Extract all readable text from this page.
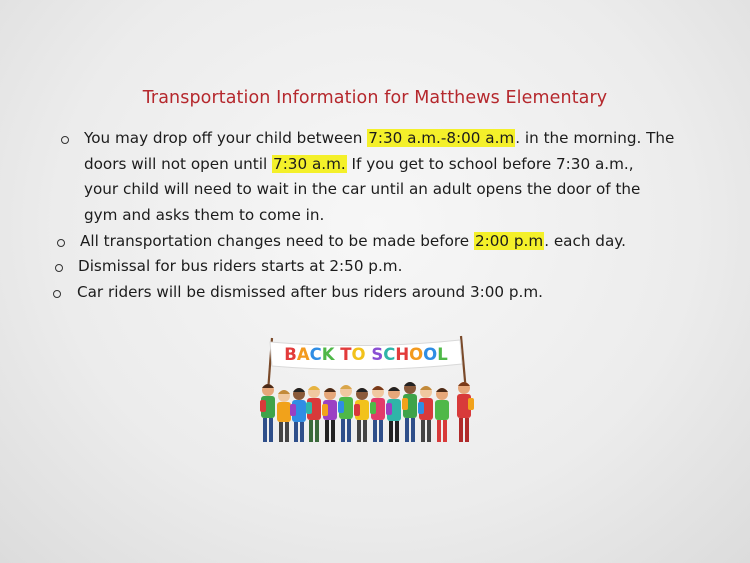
Transportation Information for Matthews Elementary
You may drop off your child between 7:30 a.m.-8:00 a.m. in the morning. The
doors will not open until 7:30 a.m. If you get to school before 7:30 a.m.,
your child will need to wait in the car until an adult opens the door of the
gym and asks them to come in.
All transportation changes need to be made before 2:00 p.m. each day.
Dismissal for bus riders starts at 2:50 p.m.
Car riders will be dismissed after bus riders around 3:00 p.m.
BACK TO SCHOOL
